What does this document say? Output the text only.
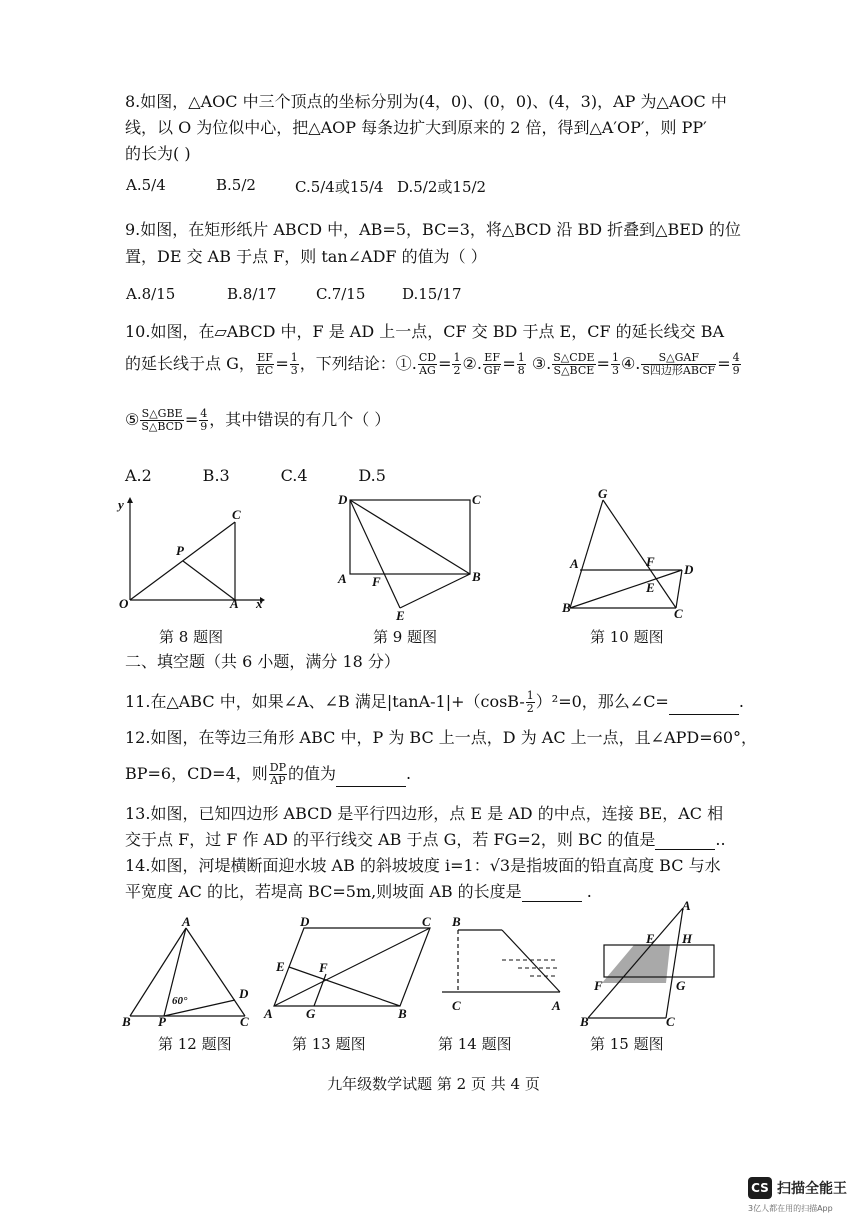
8.如图，△AOC 中三个顶点的坐标分别为(4，0)、(0，0)、(4，3)，AP 为△AOC 中
线，以 O 为位似中心，把△AOP 每条边扩大到原来的 2 倍，得到△A′OP′，则 PP′
的长为( )
A.5/4	B.5/2	C.5/4或15/4 D.5/2或15/2
9.如图，在矩形纸片 ABCD 中，AB=5，BC=3，将△BCD 沿 BD 折叠到△BED 的位
置，DE 交 AB 于点 F，则 tan∠ADF 的值为（ ）
A.8/15	B.8/17	C.7/15 D.15/17
10.如图，在▱ABCD 中，F 是 AD 上一点，CF 交 BD 于点 E，CF 的延长线交 BA
的延长线于点 G， $\frac{EF}{EC} = \frac{1}{3}$ ，下列结论：①. $\frac{CD}{AG} = \frac{1}{2}$ ②. $\frac{EF}{GF} = \frac{1}{8}$ ③. $\frac{\text{S△CDE}}{\text{S△BCE}} = \frac{1}{3}$ ④. $\frac{\text{S△GAF}}{\text{S四边形ABCF}} = \frac{4}{9}$
⑤ $\frac{\text{S△GBE}}{\text{S△BCD}} = \frac{4}{9}$ ，其中错误的有几个（ ）
A.2          B.3          C.4          D.5
y
x
O	A
C
P
第 8 题图
D	C
A	B
F
E
第 9 题图
G
A	F
D
E
B	C
第 10 题图
二、填空题（共 6 小题，满分 18 分）
11.在△ABC 中，如果∠A、∠B 满足$|\tan A-1|+(\cos B- \frac{1}{2} )^2=0$，那么∠C=	.
12.如图，在等边三角形 ABC 中，P 为 BC 上一点，D 为 AC 上一点，且∠APD=60°，
BP=6，CD=4，则 $\frac{DP}{AP}$ 的值为	.
13.如图，已知四边形 ABCD 是平行四边形，点 E 是 AD 的中点，连接 BE，AC 相
交于点 F，过 F 作 AD 的平行线交 AB 于点 G，若 FG=2，则 BC 的值是	..
14.如图，河堤横断面迎水坡 AB 的斜坡坡度 i=1：√3是指坡面的铅直高度 BC 与水
平宽度 AC 的比，若堤高 BC=5m,则坡面 AB 的长度是	.
A
B P	C
D
60°
第 12 题图
D	C
E	F
A	G	B
第 13 题图
B
C	A
第 14 题图
A
E H
F	G
B	C
第 15 题图
九年级数学试题 第 2 页 共 4 页
CS 扫描全能王
3亿人都在用的扫描App
